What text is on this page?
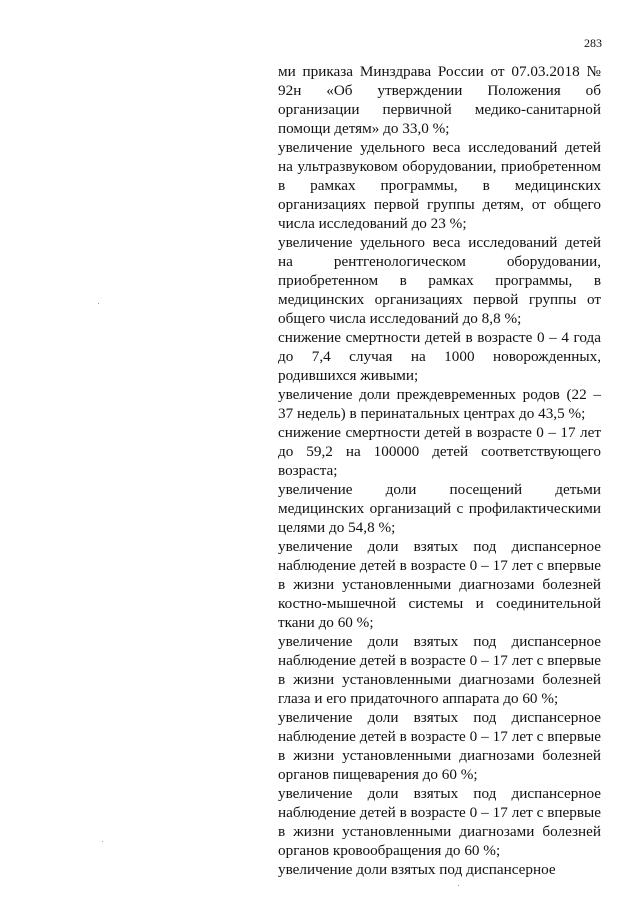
283

ми приказа Минздрава России от 07.03.2018 № 92н «Об утверждении Положения об организации первичной медико-санитарной помощи детям» до 33,0 %;

увеличение удельного веса исследований детей на ультразвуковом оборудовании, приобретенном в рамках программы, в медицинских организациях первой группы детям, от общего числа исследований до 23 %;

увеличение удельного веса исследований детей на рентгенологическом оборудовании, приобретенном в рамках программы, в медицинских организациях первой группы от общего числа исследований до 8,8 %;

снижение смертности детей в возрасте 0 – 4 года до 7,4 случая на 1000 новорожденных, родившихся живыми;

увеличение доли преждевременных родов (22 – 37 недель) в перинатальных центрах до 43,5 %;

снижение смертности детей в возрасте 0 – 17 лет до 59,2 на 100000 детей соответствующего возраста;

увеличение доли посещений детьми медицинских организаций с профилактическими целями до 54,8 %;

увеличение доли взятых под диспансерное наблюдение детей в возрасте 0 – 17 лет с впервые в жизни установленными диагнозами болезней костно-мышечной системы и соединительной ткани до 60 %;

увеличение доли взятых под диспансерное наблюдение детей в возрасте 0 – 17 лет с впервые в жизни установленными диагнозами болезней глаза и его придаточного аппарата до 60 %;

увеличение доли взятых под диспансерное наблюдение детей в возрасте 0 – 17 лет с впервые в жизни установленными диагнозами болезней органов пищеварения до 60 %;

увеличение доли взятых под диспансерное наблюдение детей в возрасте 0 – 17 лет с впервые в жизни установленными диагнозами болезней органов кровообращения до 60 %;

увеличение доли взятых под диспансерное
